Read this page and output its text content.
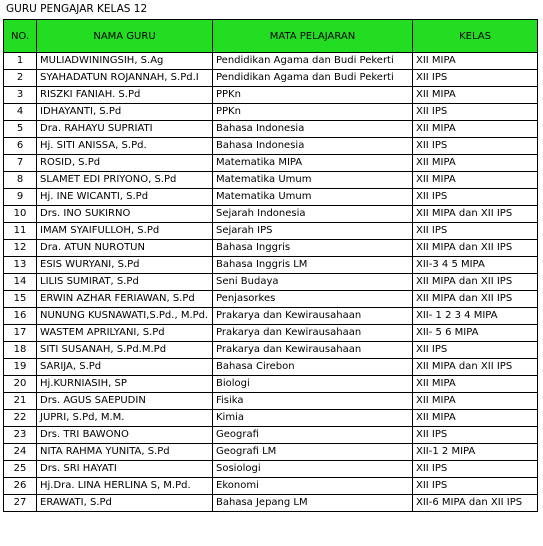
GURU PENGAJAR KELAS 12
NO.	NAMA GURU	MATA PELAJARAN	KELAS
1	MULIADWININGSIH, S.Ag	Pendidikan Agama dan Budi Pekerti	XII MIPA
2	SYAHADATUN ROJANNAH, S.Pd.I	Pendidikan Agama dan Budi Pekerti	XII IPS
3	RISZKI FANIAH. S.Pd	PPKn	XII MIPA
4	IDHAYANTI, S.Pd	PPKn	XII IPS
5	Dra. RAHAYU SUPRIATI	Bahasa Indonesia	XII MIPA
6	Hj. SITI ANISSA, S.Pd.	Bahasa Indonesia	XII IPS
7	ROSID, S.Pd	Matematika MIPA	XII MIPA
8	SLAMET EDI PRIYONO, S.Pd	Matematika Umum	XII MIPA
9	Hj. INE WICANTI, S.Pd	Matematika Umum	XII IPS
10	Drs. INO SUKIRNO	Sejarah Indonesia	XII MIPA dan XII IPS
11	IMAM SYAIFULLOH, S.Pd	Sejarah IPS	XII IPS
12	Dra. ATUN NUROTUN	Bahasa Inggris	XII MIPA dan XII IPS
13	ESIS WURYANI, S.Pd	Bahasa Inggris LM	XII-3 4 5 MIPA
14	LILIS SUMIRAT, S.Pd	Seni Budaya	XII MIPA dan XII IPS
15	ERWIN AZHAR FERIAWAN, S.Pd	Penjasorkes	XII MIPA dan XII IPS
16	NUNUNG KUSNAWATI,S.Pd., M.Pd.	Prakarya dan Kewirausahaan	XII- 1 2 3 4 MIPA
17	WASTEM APRILYANI, S.Pd	Prakarya dan Kewirausahaan	XII- 5 6 MIPA
18	SITI SUSANAH, S.Pd.M.Pd	Prakarya dan Kewirausahaan	XII IPS
19	SARIJA, S.Pd	Bahasa Cirebon	XII MIPA dan XII IPS
20	Hj.KURNIASIH, SP	Biologi	XII MIPA
21	Drs. AGUS SAEPUDIN	Fisika	XII MIPA
22	JUPRI, S.Pd, M.M.	Kimia	XII MIPA
23	Drs. TRI BAWONO	Geografi	XII IPS
24	NITA RAHMA YUNITA, S.Pd	Geografi LM	XII-1 2 MIPA
25	Drs. SRI HAYATI	Sosiologi	XII IPS
26	Hj.Dra. LINA HERLINA S, M.Pd.	Ekonomi	XII IPS
27	ERAWATI, S.Pd	Bahasa Jepang LM	XII-6 MIPA dan XII IPS
